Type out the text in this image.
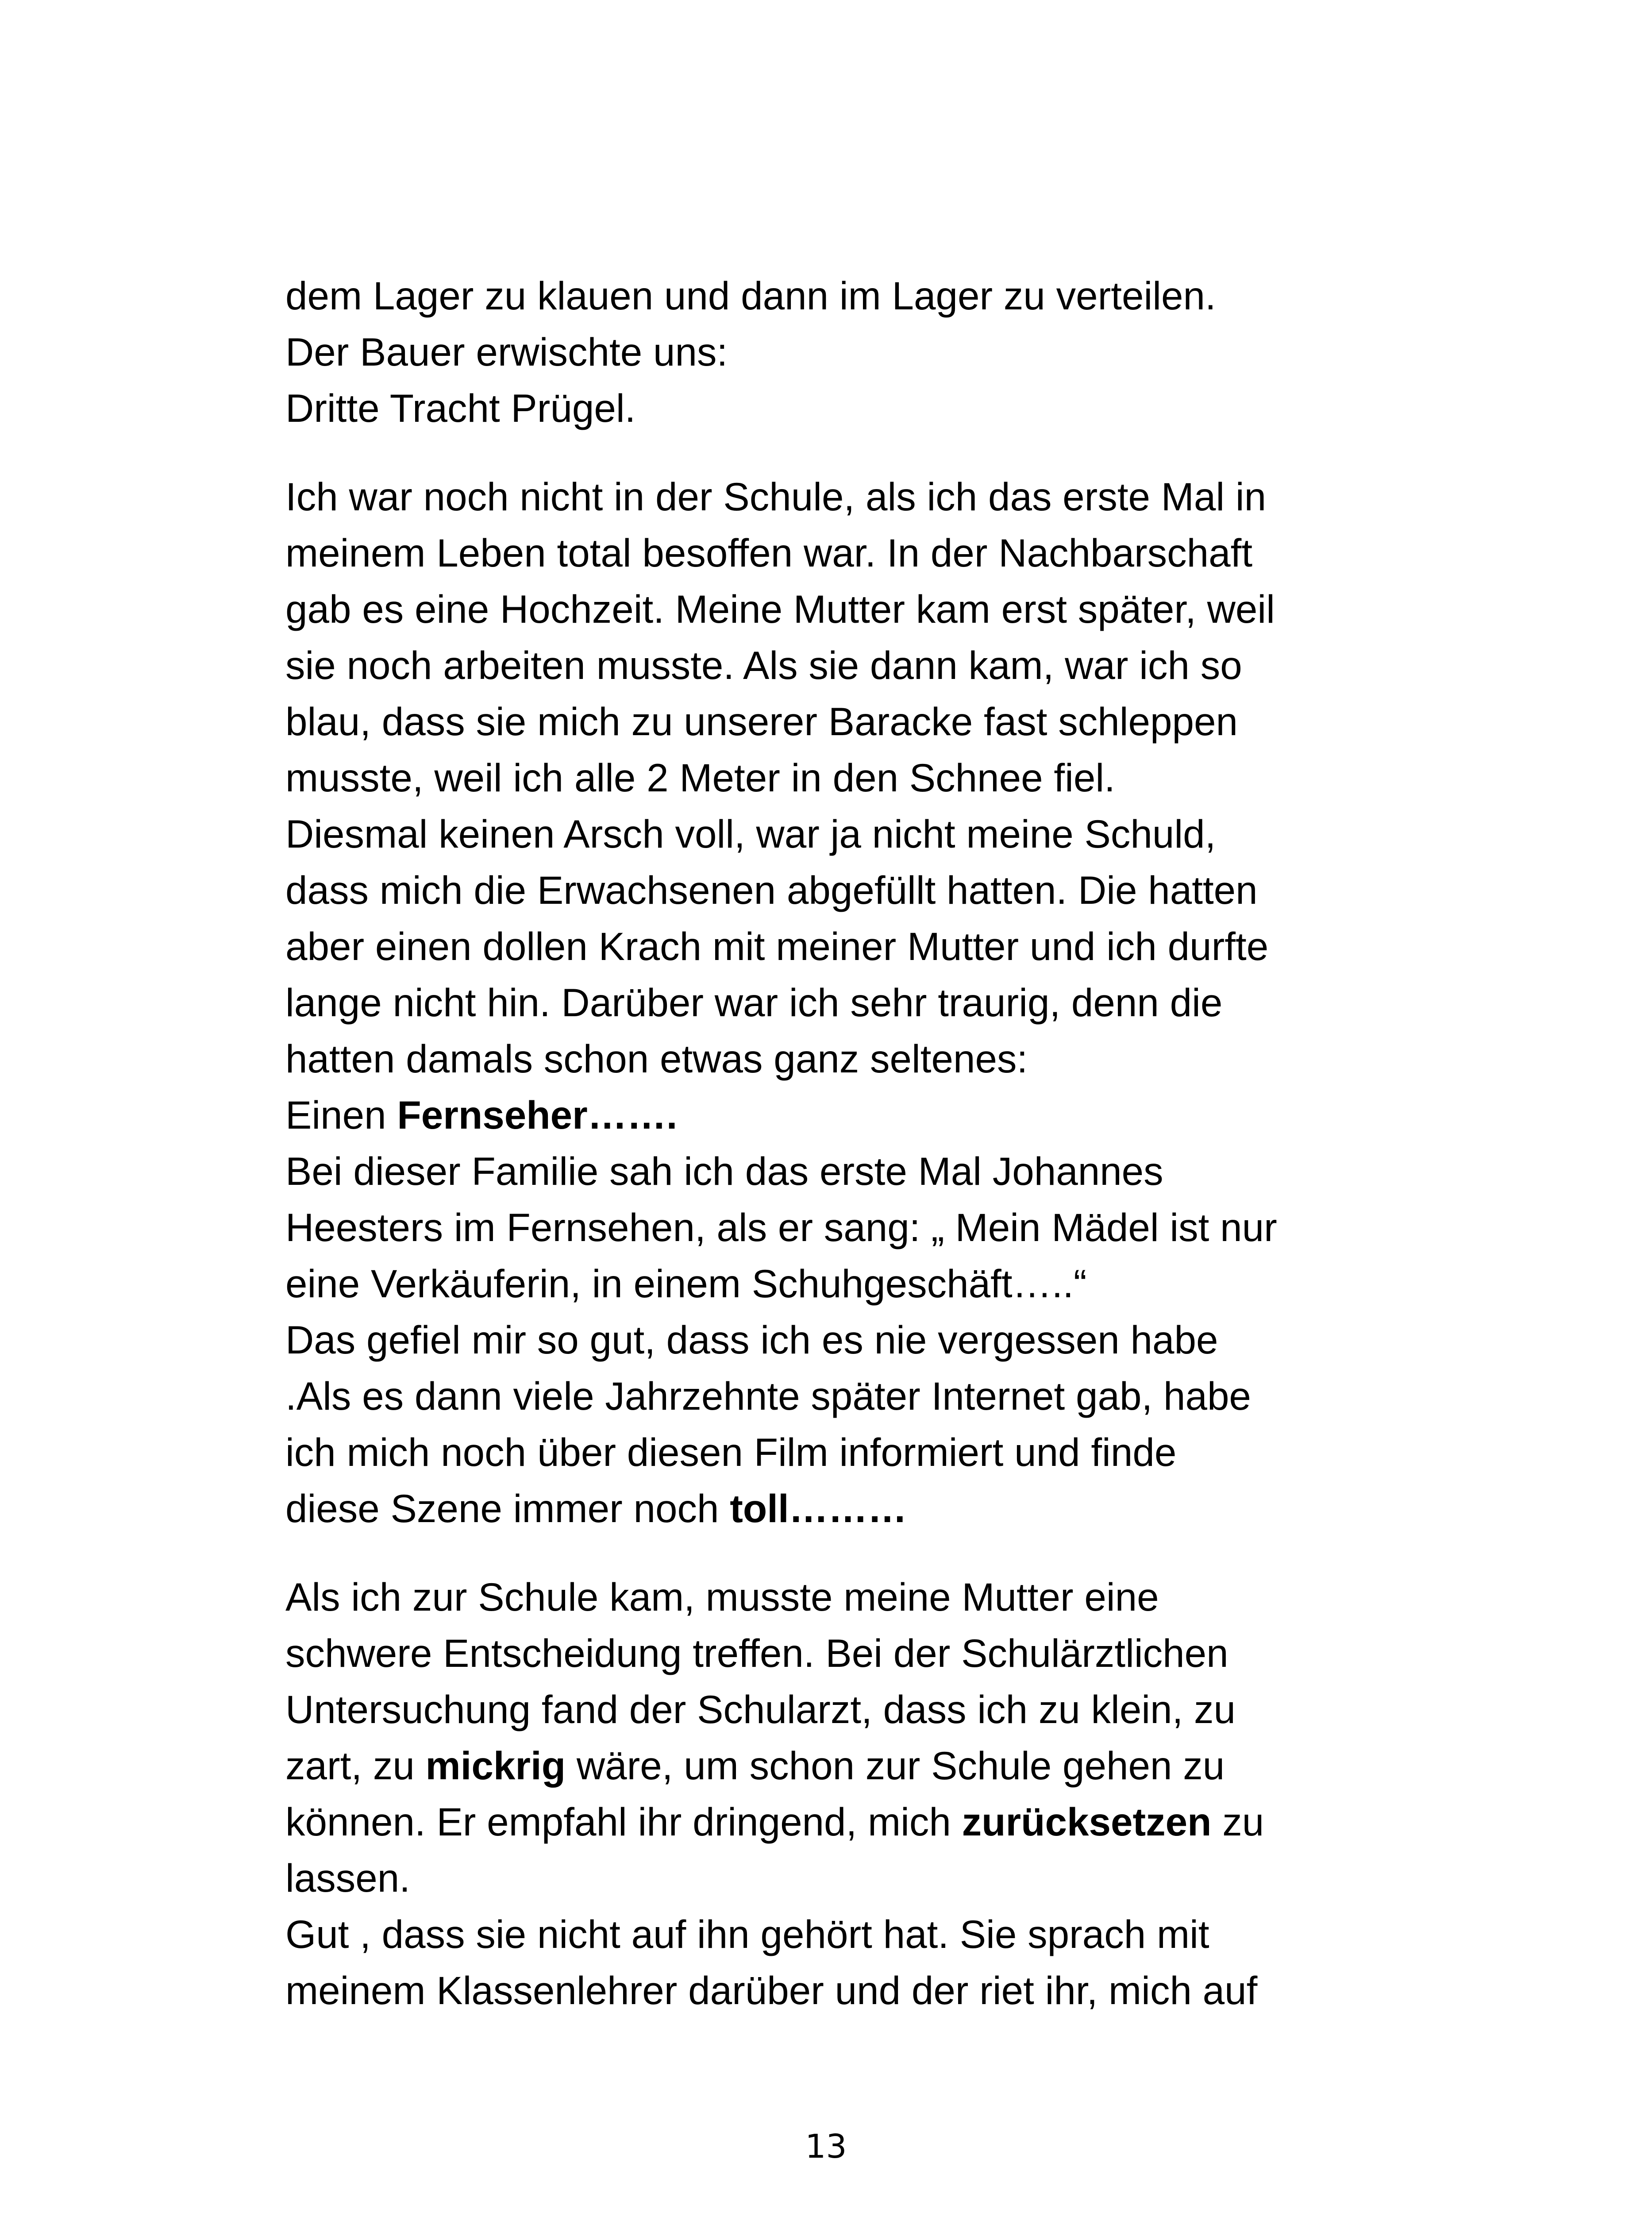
dem Lager zu klauen und dann im Lager zu verteilen.
Der Bauer erwischte uns:
Dritte Tracht Prügel.
Ich war noch nicht in der Schule, als ich das erste Mal in
meinem Leben total besoffen war. In der Nachbarschaft
gab es eine Hochzeit. Meine Mutter kam erst später, weil
sie noch arbeiten musste. Als sie dann kam, war ich so
blau, dass sie mich zu unserer Baracke fast schleppen
musste, weil ich alle 2 Meter in den Schnee fiel.
Diesmal keinen Arsch voll, war ja nicht meine Schuld,
dass mich die Erwachsenen abgefüllt hatten. Die hatten
aber einen dollen Krach mit meiner Mutter und ich durfte
lange nicht hin. Darüber war ich sehr traurig, denn die
hatten damals schon etwas ganz seltenes:
Einen Fernseher…….
Bei dieser Familie sah ich das erste Mal Johannes
Heesters im Fernsehen, als er sang: „ Mein Mädel ist nur
eine Verkäuferin, in einem Schuhgeschäft…..“
Das gefiel mir so gut, dass ich es nie vergessen habe
.Als es dann viele Jahrzehnte später Internet gab, habe
ich mich noch über diesen Film informiert und finde
diese Szene immer noch toll………
Als ich zur Schule kam, musste meine Mutter eine
schwere Entscheidung treffen. Bei der Schulärztlichen
Untersuchung fand der Schularzt, dass ich zu klein, zu
zart, zu mickrig wäre, um schon zur Schule gehen zu
können. Er empfahl ihr dringend, mich zurücksetzen zu
lassen.
Gut , dass sie nicht auf ihn gehört hat. Sie sprach mit
meinem Klassenlehrer darüber und der riet ihr, mich auf
13
